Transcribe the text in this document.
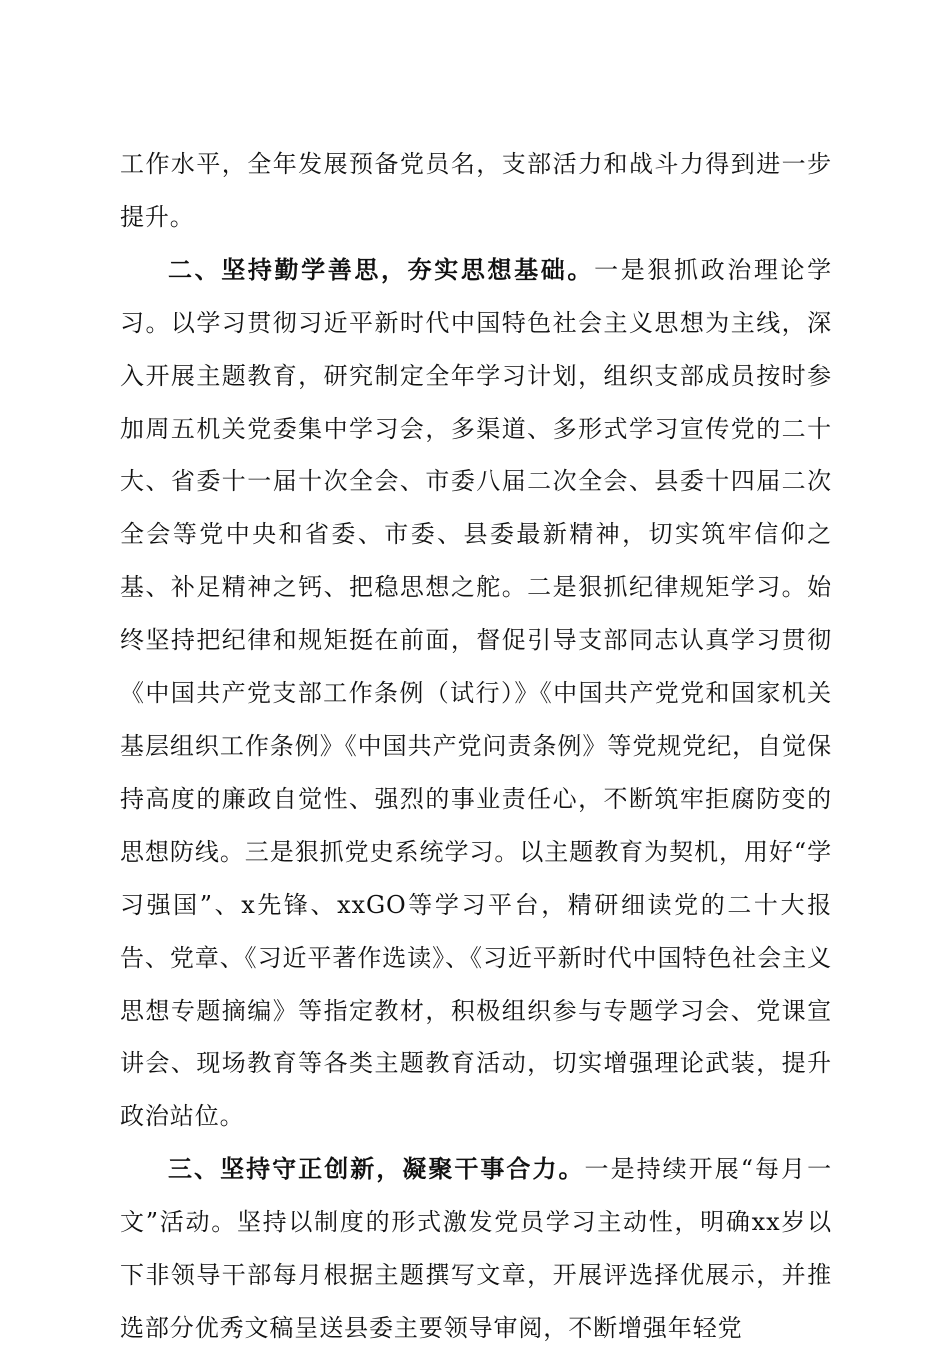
工作水平，全年发展预备党员名，支部活力和战斗力得到进一步提升。

二、坚持勤学善思，夯实思想基础。一是狠抓政治理论学习。以学习贯彻习近平新时代中国特色社会主义思想为主线，深入开展主题教育，研究制定全年学习计划，组织支部成员按时参加周五机关党委集中学习会，多渠道、多形式学习宣传党的二十大、省委十一届十次全会、市委八届二次全会、县委十四届二次全会等党中央和省委、市委、县委最新精神，切实筑牢信仰之基、补足精神之钙、把稳思想之舵。二是狠抓纪律规矩学习。始终坚持把纪律和规矩挺在前面，督促引导支部同志认真学习贯彻《中国共产党支部工作条例（试行）》《中国共产党党和国家机关基层组织工作条例》《中国共产党问责条例》等党规党纪，自觉保持高度的廉政自觉性、强烈的事业责任心，不断筑牢拒腐防变的思想防线。三是狠抓党史系统学习。以主题教育为契机，用好“学习强国”、x先锋、xxGO等学习平台，精研细读党的二十大报告、党章、《习近平著作选读》、《习近平新时代中国特色社会主义思想专题摘编》等指定教材，积极组织参与专题学习会、党课宣讲会、现场教育等各类主题教育活动，切实增强理论武装，提升政治站位。

三、坚持守正创新，凝聚干事合力。一是持续开展“每月一文”活动。坚持以制度的形式激发党员学习主动性，明确xx岁以下非领导干部每月根据主题撰写文章，开展评选择优展示，并推选部分优秀文稿呈送县委主要领导审阅，不断增强年轻党
